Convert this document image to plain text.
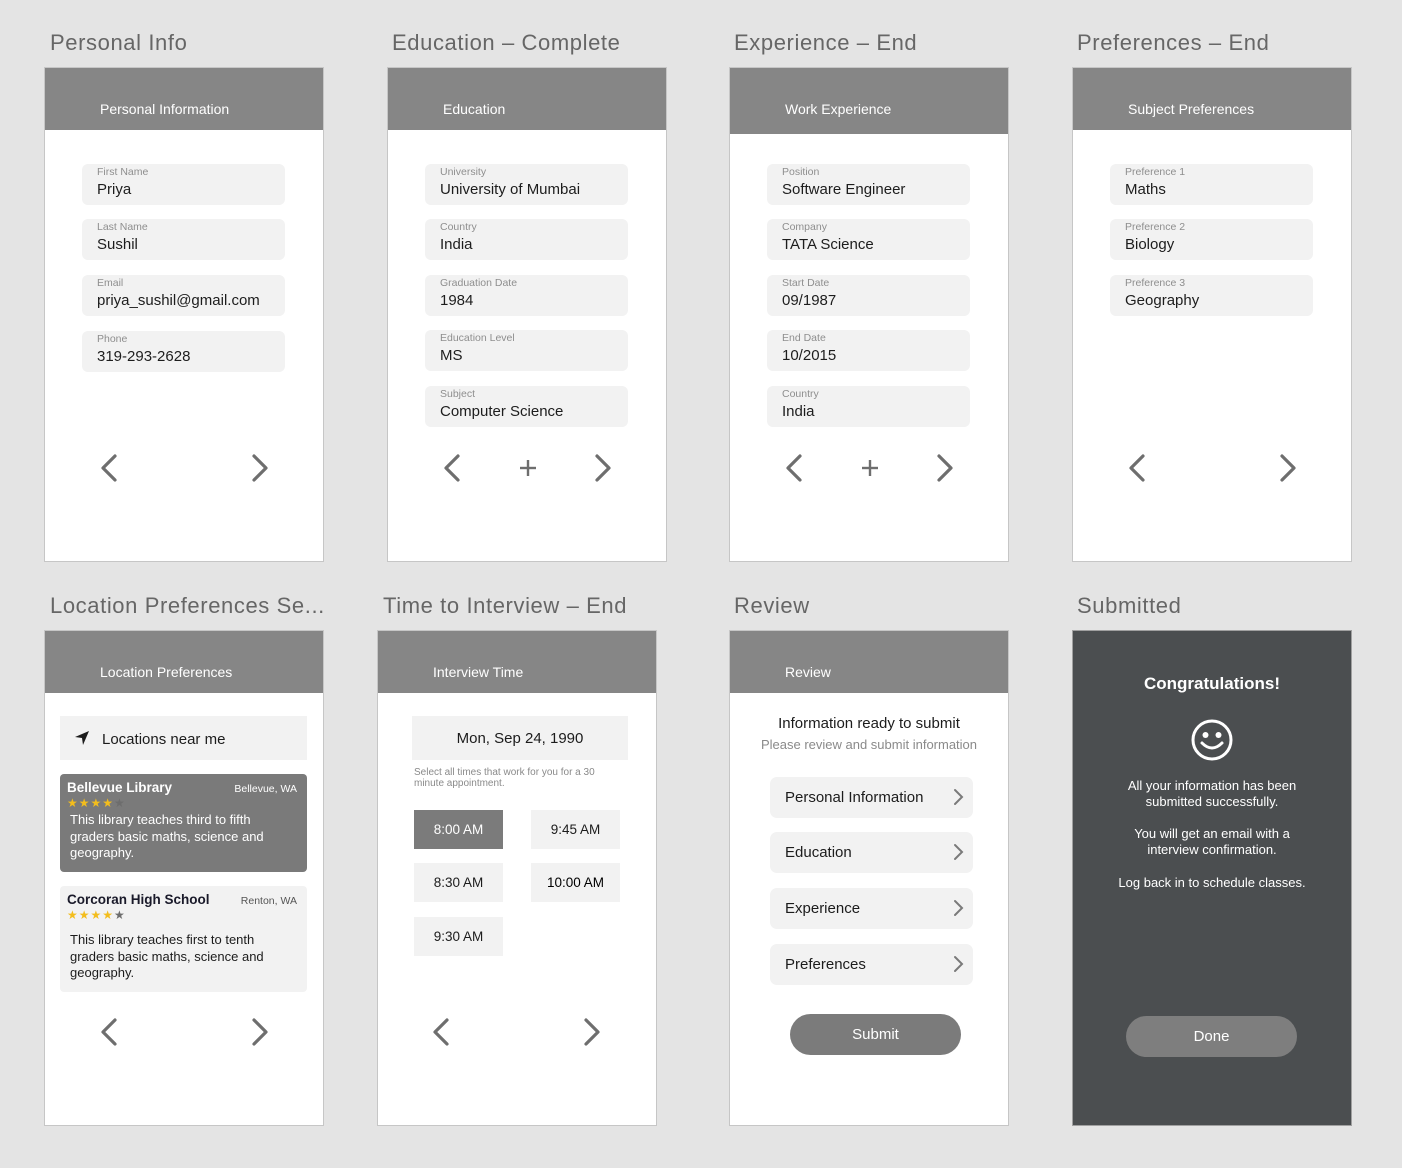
Personal Info
Personal Information
First Name
Priya
Last Name
Sushil
Email
priya_sushil@gmail.com
Phone
319-293-2628
Education – Complete
Education
University
University of Mumbai
Country
India
Graduation Date
1984
Education Level
MS
Subject
Computer Science
Experience – End
Work Experience
Position
Software Engineer
Company
TATA Science
Start Date
09/1987
End Date
10/2015
Country
India
Preferences – End
Subject Preferences
Preference 1
Maths
Preference 2
Biology
Preference 3
Geography
Location Preferences Se...
Location Preferences
Locations near me
Bellevue Library	Bellevue, WA
★★★★★
This library teaches third to fifth graders basic maths, science and geography.
Corcoran High School	Renton, WA
★★★★★
This library teaches first to tenth graders basic maths, science and geography.
Time to Interview – End
Interview Time
Mon, Sep 24, 1990
Select all times that work for you for a 30 minute appointment.
8:00 AM	9:45 AM
8:30 AM	10:00 AM
9:30 AM
Review
Review
Information ready to submit
Please review and submit information
Personal Information
Education
Experience
Preferences
Submit
Submitted
Congratulations!
All your information has been submitted successfully.
You will get an email with a interview confirmation.
Log back in to schedule classes.
Done
